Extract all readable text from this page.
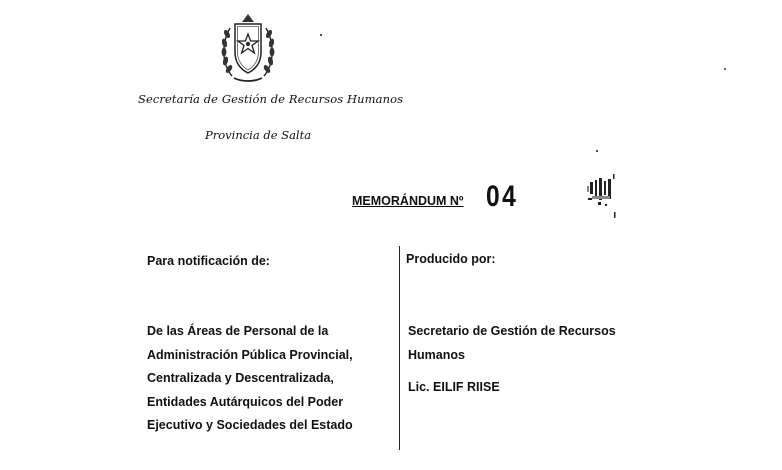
Secretaría de Gestión de Recursos Humanos
Provincia de Salta
MEMORÁNDUM Nº 04
Para notificación de:	Producido por:
De las Áreas de Personal de la
Administración Pública Provincial,
Centralizada y Descentralizada,
Entidades Autárquicos del Poder
Ejecutivo y Sociedades del Estado
Secretario de Gestión de Recursos
Humanos
Lic. EILIF RIISE
